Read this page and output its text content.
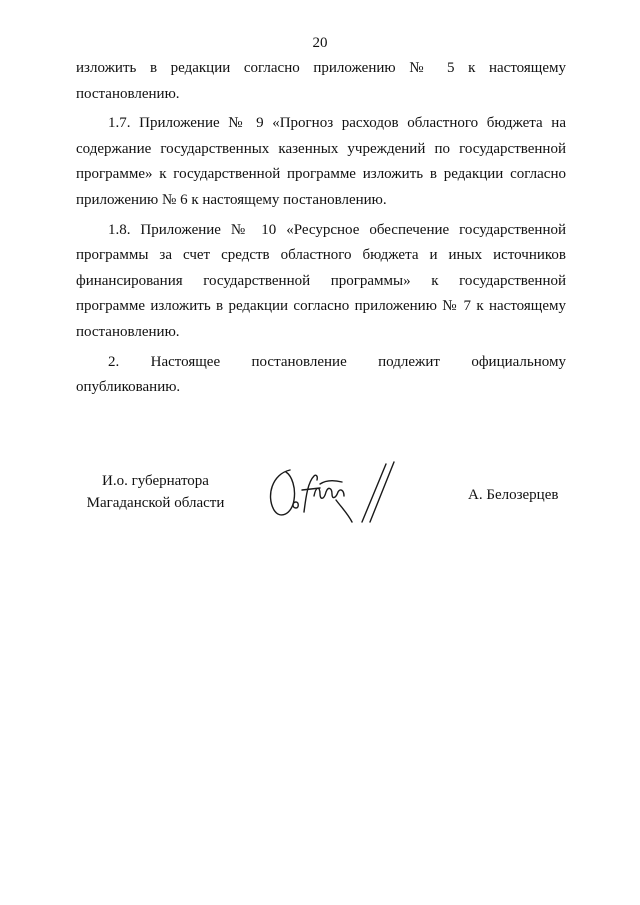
20
изложить в редакции согласно приложению № 5 к настоящему
постановлению.
1.7. Приложение № 9 «Прогноз расходов областного бюджета на
содержание государственных казенных учреждений по государственной
программе» к государственной программе изложить в редакции согласно
приложению № 6 к настоящему постановлению.
1.8. Приложение № 10 «Ресурсное обеспечение государственной
программы за счет средств областного бюджета и иных источников
финансирования государственной программы» к государственной
программе изложить в редакции согласно приложению № 7 к настоящему
постановлению.
2. Настоящее постановление подлежит официальному
опубликованию.
И.о. губернатора
Магаданской области	А. Белозерцев
